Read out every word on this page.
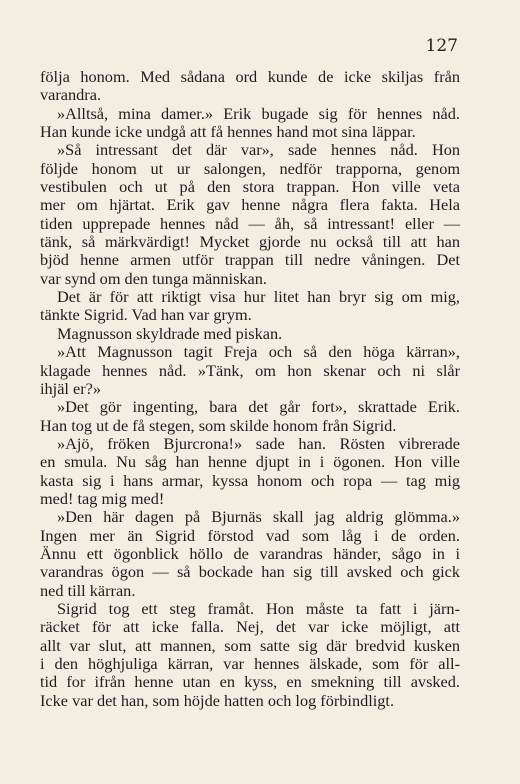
127
följa honom. Med sådana ord kunde de icke skiljas från
varandra.
»Alltså, mina damer.» Erik bugade sig för hennes nåd.
Han kunde icke undgå att få hennes hand mot sina läppar.
»Så intressant det där var», sade hennes nåd. Hon
följde honom ut ur salongen, nedför trapporna, genom
vestibulen och ut på den stora trappan. Hon ville veta
mer om hjärtat. Erik gav henne några flera fakta. Hela
tiden upprepade hennes nåd — åh, så intressant! eller —
tänk, så märkvärdigt! Mycket gjorde nu också till att han
bjöd henne armen utför trappan till nedre våningen. Det
var synd om den tunga människan.
Det är för att riktigt visa hur litet han bryr sig om mig,
tänkte Sigrid. Vad han var grym.
Magnusson skyldrade med piskan.
»Att Magnusson tagit Freja och så den höga kärran»,
klagade hennes nåd. »Tänk, om hon skenar och ni slår
ihjäl er?»
»Det gör ingenting, bara det går fort», skrattade Erik.
Han tog ut de få stegen, som skilde honom från Sigrid.
»Ajö, fröken Bjurcrona!» sade han. Rösten vibrerade
en smula. Nu såg han henne djupt in i ögonen. Hon ville
kasta sig i hans armar, kyssa honom och ropa — tag mig
med! tag mig med!
»Den här dagen på Bjurnäs skall jag aldrig glömma.»
Ingen mer än Sigrid förstod vad som låg i de orden.
Ännu ett ögonblick höllo de varandras händer, sågo in i
varandras ögon — så bockade han sig till avsked och gick
ned till kärran.
Sigrid tog ett steg framåt. Hon måste ta fatt i järn-
räcket för att icke falla. Nej, det var icke möjligt, att
allt var slut, att mannen, som satte sig där bredvid kusken
i den höghjuliga kärran, var hennes älskade, som för all-
tid for ifrån henne utan en kyss, en smekning till avsked.
Icke var det han, som höjde hatten och log förbindligt.
